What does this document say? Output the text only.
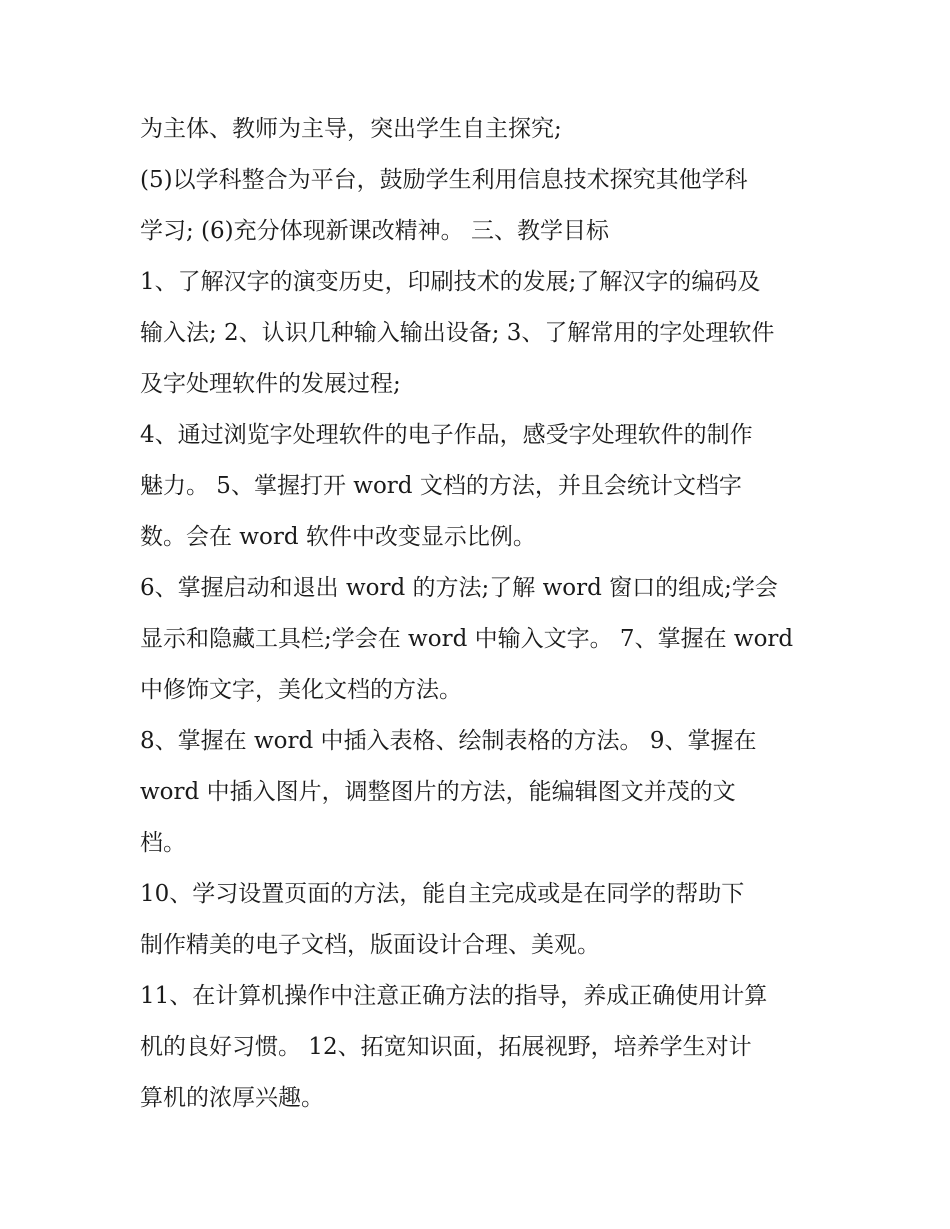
为主体、教师为主导，突出学生自主探究;
(5)以学科整合为平台，鼓励学生利用信息技术探究其他学科
学习; (6)充分体现新课改精神。 三、教学目标
1、了解汉字的演变历史，印刷技术的发展;了解汉字的编码及
输入法; 2、认识几种输入输出设备; 3、了解常用的字处理软件
及字处理软件的发展过程;
4、通过浏览字处理软件的电子作品，感受字处理软件的制作
魅力。 5、掌握打开 word 文档的方法，并且会统计文档字
数。会在 word 软件中改变显示比例。
6、掌握启动和退出 word 的方法;了解 word 窗口的组成;学会
显示和隐藏工具栏;学会在 word 中输入文字。 7、掌握在 word
中修饰文字，美化文档的方法。
8、掌握在 word 中插入表格、绘制表格的方法。 9、掌握在
word 中插入图片，调整图片的方法，能编辑图文并茂的文
档。
10、学习设置页面的方法，能自主完成或是在同学的帮助下
制作精美的电子文档，版面设计合理、美观。
11、在计算机操作中注意正确方法的指导，养成正确使用计算
机的良好习惯。 12、拓宽知识面，拓展视野，培养学生对计
算机的浓厚兴趣。
